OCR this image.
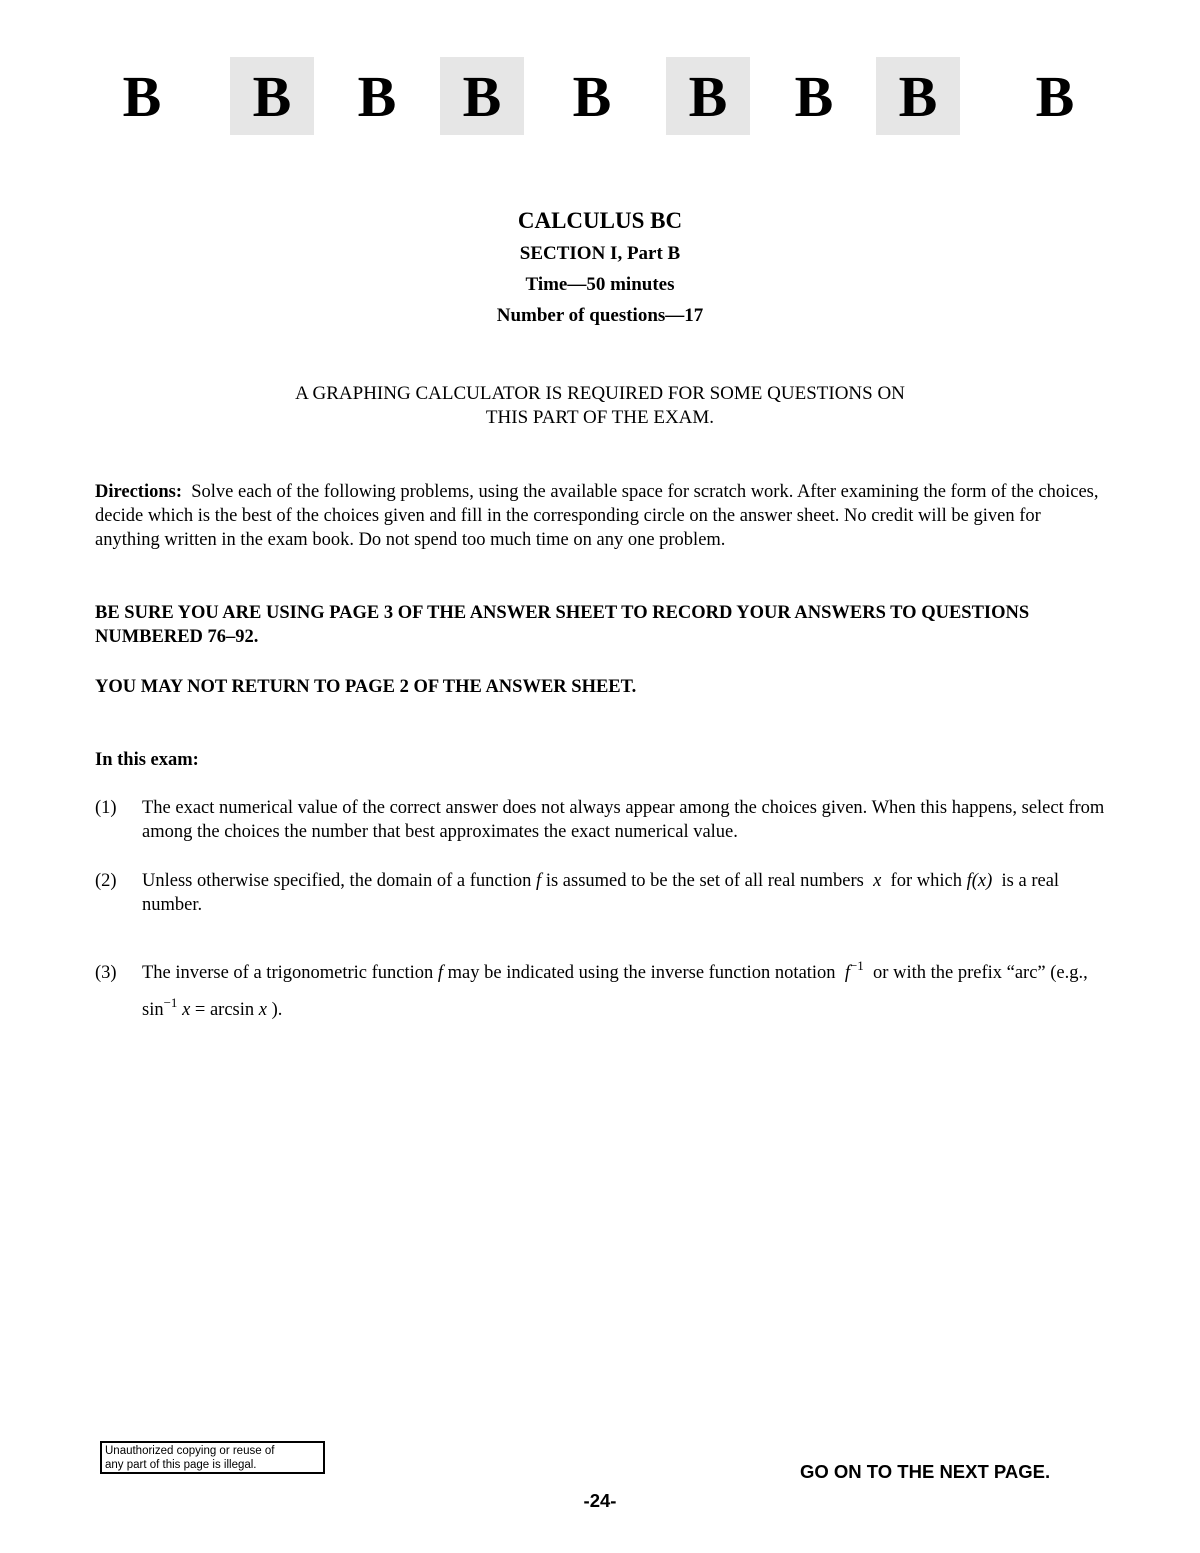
B	B	B	B	B	B	B	B	B
CALCULUS BC
SECTION I, Part B
Time—50 minutes
Number of questions—17
A GRAPHING CALCULATOR IS REQUIRED FOR SOME QUESTIONS ON
THIS PART OF THE EXAM.
Directions: Solve each of the following problems, using the available space for scratch work. After examining the form of the choices, decide which is the best of the choices given and fill in the corresponding circle on the answer sheet. No credit will be given for anything written in the exam book. Do not spend too much time on any one problem.
BE SURE YOU ARE USING PAGE 3 OF THE ANSWER SHEET TO RECORD YOUR ANSWERS TO QUESTIONS NUMBERED 76–92.
YOU MAY NOT RETURN TO PAGE 2 OF THE ANSWER SHEET.
In this exam:
(1) The exact numerical value of the correct answer does not always appear among the choices given. When this happens, select from among the choices the number that best approximates the exact numerical value.
(2) Unless otherwise specified, the domain of a function f is assumed to be the set of all real numbers x for which f(x) is a real number.
(3) The inverse of a trigonometric function f may be indicated using the inverse function notation $f^{-1}$ or with the prefix “arc” (e.g., $\sin^{-1} x = \arcsin x$ ).
Unauthorized copying or reuse of
any part of this page is illegal.	GO ON TO THE NEXT PAGE.
-24-
